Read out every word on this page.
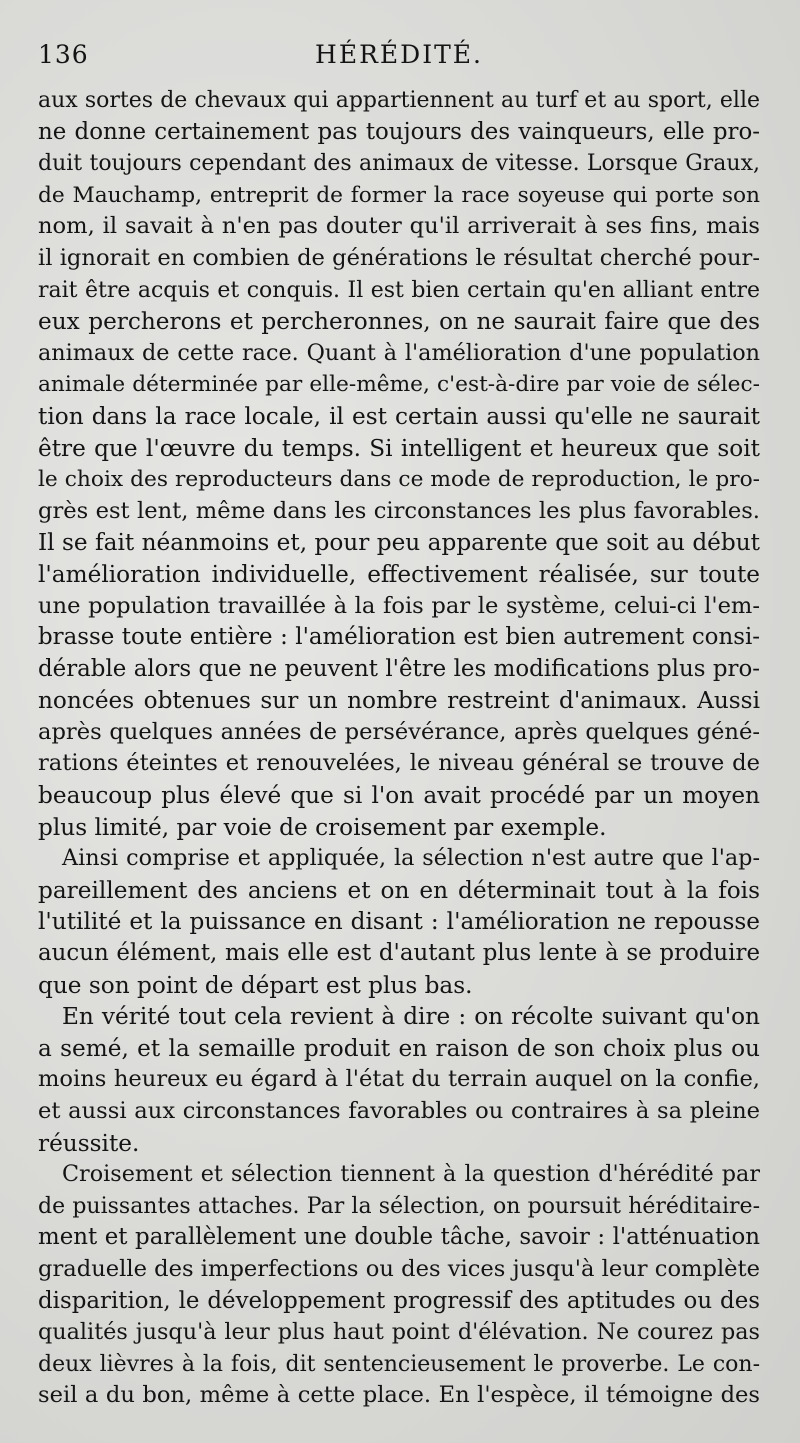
136	HÉRÉDITÉ.
aux sortes de chevaux qui appartiennent au turf et au sport, elle
ne donne certainement pas toujours des vainqueurs, elle pro-
duit toujours cependant des animaux de vitesse. Lorsque Graux,
de Mauchamp, entreprit de former la race soyeuse qui porte son
nom, il savait à n'en pas douter qu'il arriverait à ses fins, mais
il ignorait en combien de générations le résultat cherché pour-
rait être acquis et conquis. Il est bien certain qu'en alliant entre
eux percherons et percheronnes, on ne saurait faire que des
animaux de cette race. Quant à l'amélioration d'une population
animale déterminée par elle-même, c'est-à-dire par voie de sélec-
tion dans la race locale, il est certain aussi qu'elle ne saurait
être que l'œuvre du temps. Si intelligent et heureux que soit
le choix des reproducteurs dans ce mode de reproduction, le pro-
grès est lent, même dans les circonstances les plus favorables.
Il se fait néanmoins et, pour peu apparente que soit au début
l'amélioration individuelle, effectivement réalisée, sur toute
une population travaillée à la fois par le système, celui-ci l'em-
brasse toute entière : l'amélioration est bien autrement consi-
dérable alors que ne peuvent l'être les modifications plus pro-
noncées obtenues sur un nombre restreint d'animaux. Aussi
après quelques années de persévérance, après quelques géné-
rations éteintes et renouvelées, le niveau général se trouve de
beaucoup plus élevé que si l'on avait procédé par un moyen
plus limité, par voie de croisement par exemple.
Ainsi comprise et appliquée, la sélection n'est autre que l'ap-
pareillement des anciens et on en déterminait tout à la fois
l'utilité et la puissance en disant : l'amélioration ne repousse
aucun élément, mais elle est d'autant plus lente à se produire
que son point de départ est plus bas.
En vérité tout cela revient à dire : on récolte suivant qu'on
a semé, et la semaille produit en raison de son choix plus ou
moins heureux eu égard à l'état du terrain auquel on la confie,
et aussi aux circonstances favorables ou contraires à sa pleine
réussite.
Croisement et sélection tiennent à la question d'hérédité par
de puissantes attaches. Par la sélection, on poursuit héréditaire-
ment et parallèlement une double tâche, savoir : l'atténuation
graduelle des imperfections ou des vices jusqu'à leur complète
disparition, le développement progressif des aptitudes ou des
qualités jusqu'à leur plus haut point d'élévation. Ne courez pas
deux lièvres à la fois, dit sentencieusement le proverbe. Le con-
seil a du bon, même à cette place. En l'espèce, il témoigne des
